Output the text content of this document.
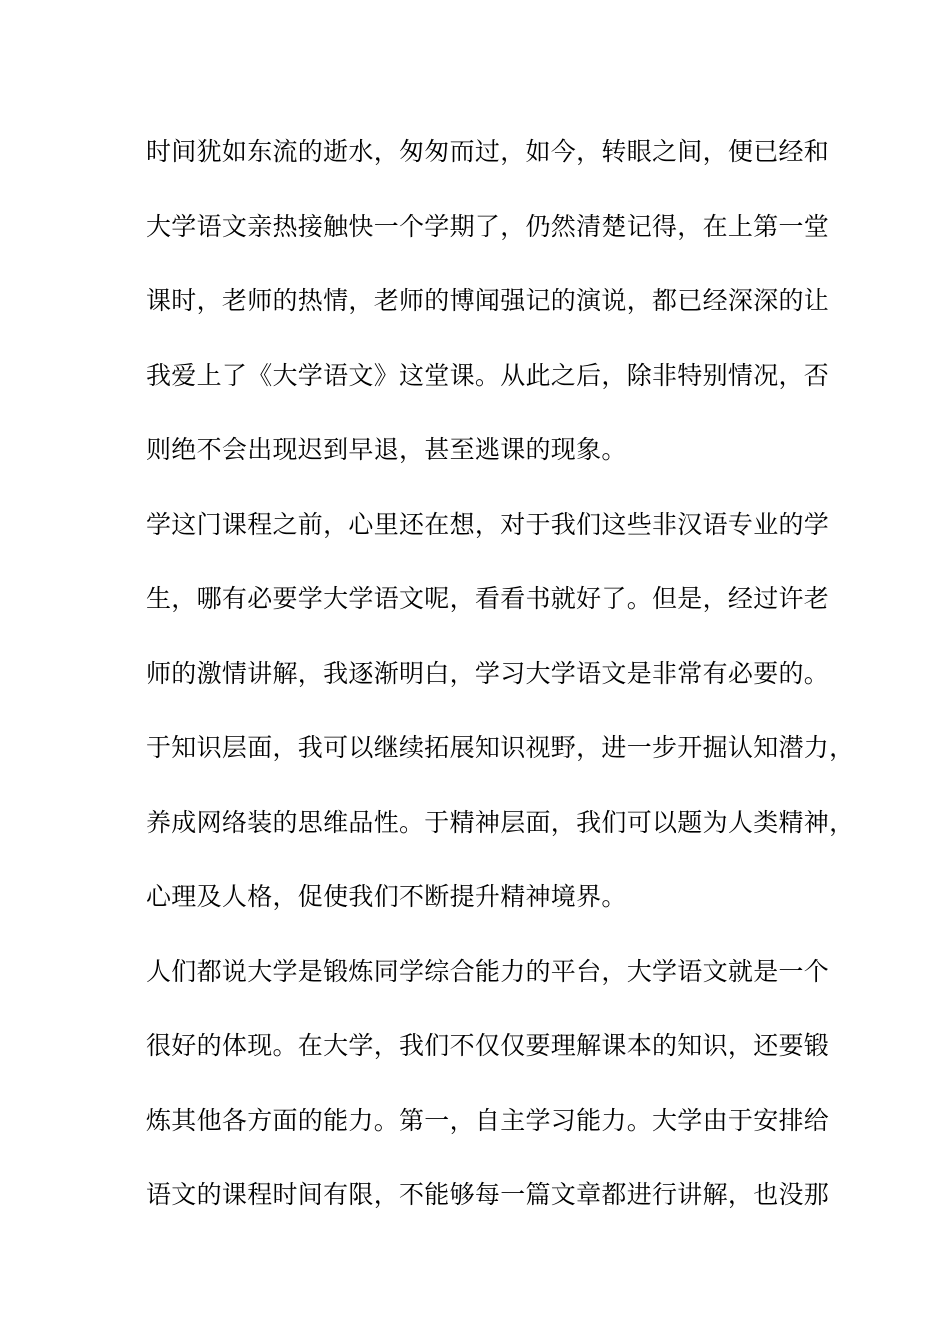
时间犹如东流的逝水，匆匆而过，如今，转眼之间，便已经和
大学语文亲热接触快一个学期了，仍然清楚记得，在上第一堂
课时，老师的热情，老师的博闻强记的演说，都已经深深的让
我爱上了《大学语文》这堂课。从此之后，除非特别情况，否
则绝不会出现迟到早退，甚至逃课的现象。
学这门课程之前，心里还在想，对于我们这些非汉语专业的学
生，哪有必要学大学语文呢，看看书就好了。但是，经过许老
师的激情讲解，我逐渐明白，学习大学语文是非常有必要的。
于知识层面，我可以继续拓展知识视野，进一步开掘认知潜力，
养成网络装的思维品性。于精神层面，我们可以题为人类精神，
心理及人格，促使我们不断提升精神境界。
人们都说大学是锻炼同学综合能力的平台，大学语文就是一个
很好的体现。在大学，我们不仅仅要理解课本的知识，还要锻
炼其他各方面的能力。第一，自主学习能力。大学由于安排给
语文的课程时间有限，不能够每一篇文章都进行讲解，也没那
